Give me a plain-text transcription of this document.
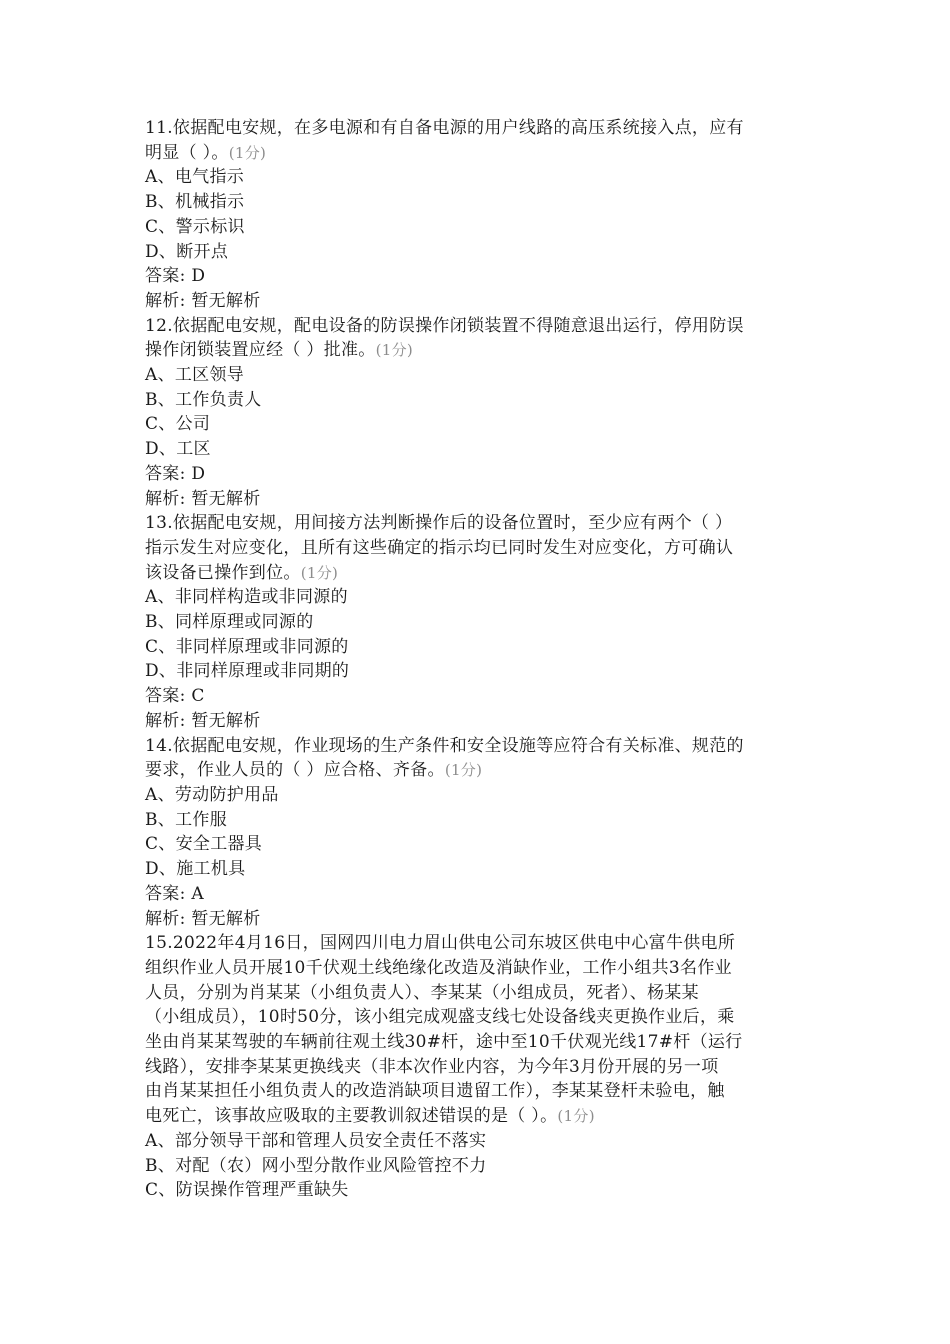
11.依据配电安规，在多电源和有自备电源的用户线路的高压系统接入点，应有
明显（ ）。(1分)
A、电气指示
B、机械指示
C、警示标识
D、断开点
答案: D
解析: 暂无解析
12.依据配电安规，配电设备的防误操作闭锁装置不得随意退出运行，停用防误
操作闭锁装置应经（ ）批准。(1分)
A、工区领导
B、工作负责人
C、公司
D、工区
答案: D
解析: 暂无解析
13.依据配电安规，用间接方法判断操作后的设备位置时，至少应有两个（ ）
指示发生对应变化，且所有这些确定的指示均已同时发生对应变化，方可确认
该设备已操作到位。(1分)
A、非同样构造或非同源的
B、同样原理或同源的
C、非同样原理或非同源的
D、非同样原理或非同期的
答案: C
解析: 暂无解析
14.依据配电安规，作业现场的生产条件和安全设施等应符合有关标准、规范的
要求，作业人员的（ ）应合格、齐备。(1分)
A、劳动防护用品
B、工作服
C、安全工器具
D、施工机具
答案: A
解析: 暂无解析
15.2022年4月16日，国网四川电力眉山供电公司东坡区供电中心富牛供电所
组织作业人员开展10千伏观土线绝缘化改造及消缺作业，工作小组共3名作业
人员，分别为肖某某（小组负责人）、李某某（小组成员，死者）、杨某某
（小组成员），10时50分，该小组完成观盛支线七处设备线夹更换作业后，乘
坐由肖某某驾驶的车辆前往观土线30#杆，途中至10千伏观光线17#杆（运行
线路），安排李某某更换线夹（非本次作业内容，为今年3月份开展的另一项
由肖某某担任小组负责人的改造消缺项目遗留工作），李某某登杆未验电，触
电死亡，该事故应吸取的主要教训叙述错误的是（ ）。(1分)
A、部分领导干部和管理人员安全责任不落实
B、对配（农）网小型分散作业风险管控不力
C、防误操作管理严重缺失
